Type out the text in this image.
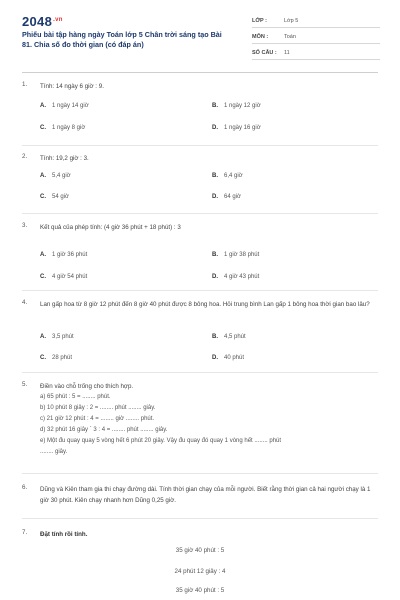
$2048^{.vn}$
Phiếu bài tập hàng ngày Toán lớp 5 Chân trời sáng tạo Bài 81. Chia số đo thời gian (có đáp án)
LỚP :	Lớp 5
MÔN :	Toán
SỐ CÂU : 11
1. Tính: 14 ngày 6 giờ : 9.
A. 1 ngày 14 giờ	B. 1 ngày 12 giờ
C. 1 ngày 8 giờ	D. 1 ngày 16 giờ
2. Tính: 19,2 giờ : 3.
A. 5,4 giờ	B. 6,4 giờ
C. 54 giờ	D. 64 giờ
3. Kết quả của phép tính: (4 giờ 36 phút + 18 phút) : 3
A. 1 giờ 36 phút	B. 1 giờ 38 phút
C. 4 giờ 54 phút	D. 4 giờ 43 phút
4. Lan gấp hoa từ 8 giờ 12 phút đến 8 giờ 40 phút được 8 bông hoa. Hỏi trung bình Lan gấp 1 bông hoa thời gian bao lâu?
A. 3,5 phút	B. 4,5 phút
C. 28 phút	D. 40 phút
5. Điền vào chỗ trống cho thích hợp.
a) 65 phút : 5 = ........ phút.
b) 10 phút 8 giây : 2 = ........ phút ........ giây.
c) 21 giờ 12 phút : 4 = ........ giờ ........ phút.
d) 32 phút 16 giây ` 3 : 4 = ........ phút ........ giây.
e) Một đu quay quay 5 vòng hết 6 phút 20 giây. Vậy đu quay đó quay 1 vòng hết ........ phút
........ giây.
6. Dũng và Kiên tham gia thi chạy đường dài. Tính thời gian chạy của mỗi người. Biết rằng thời gian cả hai người chạy là 1 giờ 30 phút. Kiên chạy nhanh hơn Dũng 0,25 giờ.
7. Đặt tính rồi tính.
35 giờ 40 phút : 5
24 phút 12 giây : 4
35 giờ 40 phút : 5
